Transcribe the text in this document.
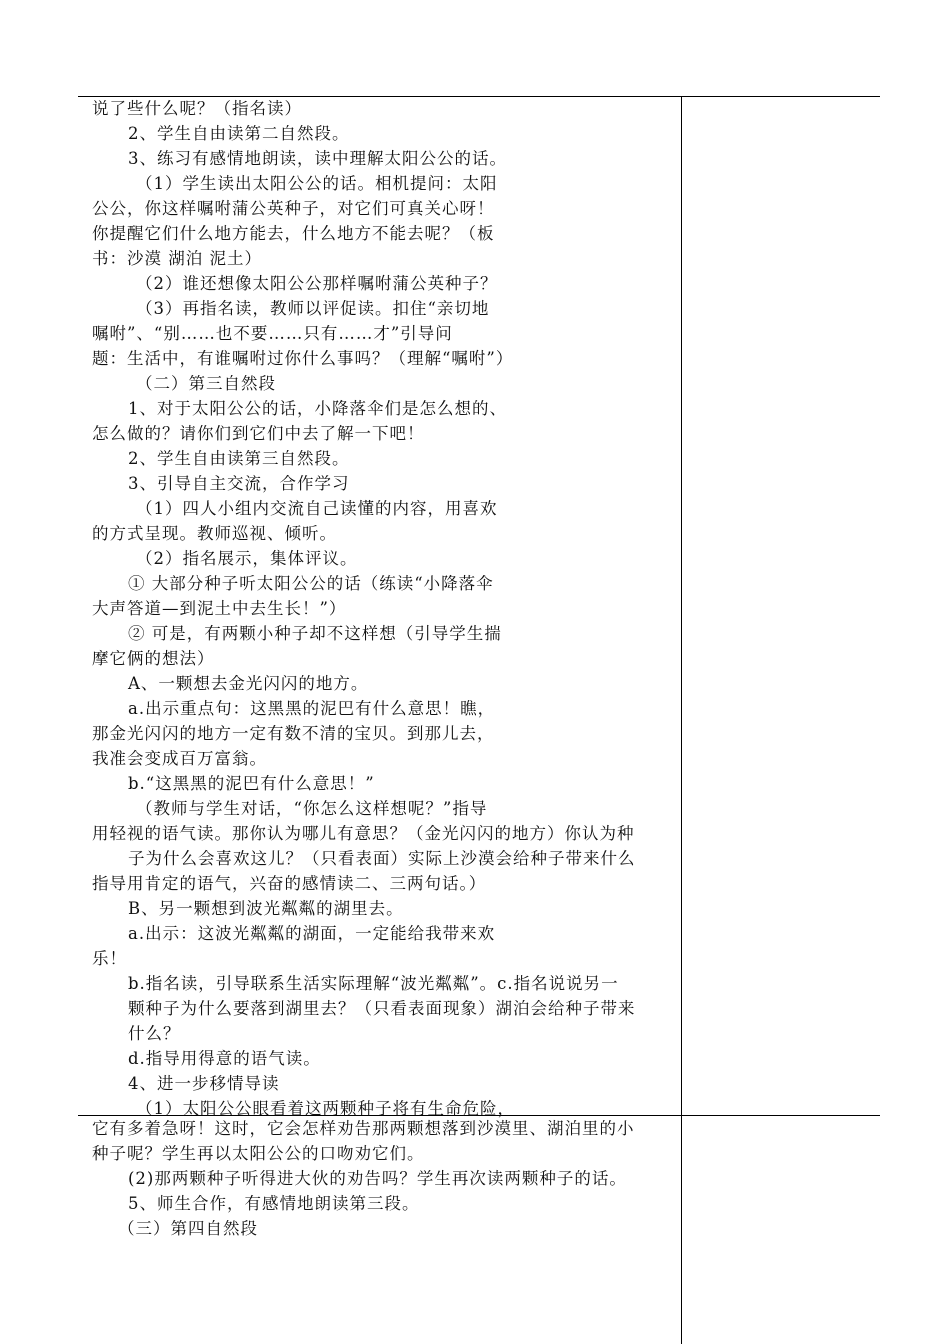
说了些什么呢？（指名读）
2、学生自由读第二自然段。
3、练习有感情地朗读，读中理解太阳公公的话。
（1）学生读出太阳公公的话。相机提问：太阳
公公，你这样嘱咐蒲公英种子，对它们可真关心呀！
你提醒它们什么地方能去，什么地方不能去呢？（板
书：沙漠 湖泊 泥土）
（2）谁还想像太阳公公那样嘱咐蒲公英种子？
（3）再指名读，教师以评促读。扣住“亲切地
嘱咐”、“别……也不要……只有……才”引导问
题：生活中，有谁嘱咐过你什么事吗？（理解“嘱咐”）
（二）第三自然段
1、对于太阳公公的话，小降落伞们是怎么想的、
怎么做的？请你们到它们中去了解一下吧！
2、学生自由读第三自然段。
3、引导自主交流，合作学习
（1）四人小组内交流自己读懂的内容，用喜欢
的方式呈现。教师巡视、倾听。
（2）指名展示，集体评议。
① 大部分种子听太阳公公的话（练读“小降落伞
大声答道—到泥土中去生长！”）
② 可是，有两颗小种子却不这样想（引导学生揣
摩它俩的想法）
A、一颗想去金光闪闪的地方。
a.出示重点句：这黑黑的泥巴有什么意思！瞧，
那金光闪闪的地方一定有数不清的宝贝。到那儿去，
我准会变成百万富翁。
b.“这黑黑的泥巴有什么意思！”
（教师与学生对话，“你怎么这样想呢？”指导
用轻视的语气读。那你认为哪儿有意思？（金光闪闪的地方）你认为种
子为什么会喜欢这儿？（只看表面）实际上沙漠会给种子带来什么
指导用肯定的语气，兴奋的感情读二、三两句话。）
B、另一颗想到波光粼粼的湖里去。
a.出示：这波光粼粼的湖面，一定能给我带来欢
乐！
b.指名读，引导联系生活实际理解“波光粼粼”。c.指名说说另一
颗种子为什么要落到湖里去？（只看表面现象）湖泊会给种子带来
什么？
d.指导用得意的语气读。
4、进一步移情导读
（1）太阳公公眼看着这两颗种子将有生命危险，
它有多着急呀！这时，它会怎样劝告那两颗想落到沙漠里、湖泊里的小
种子呢？学生再以太阳公公的口吻劝它们。
(2)那两颗种子听得进大伙的劝告吗？学生再次读两颗种子的话。
5、师生合作，有感情地朗读第三段。
（三）第四自然段
